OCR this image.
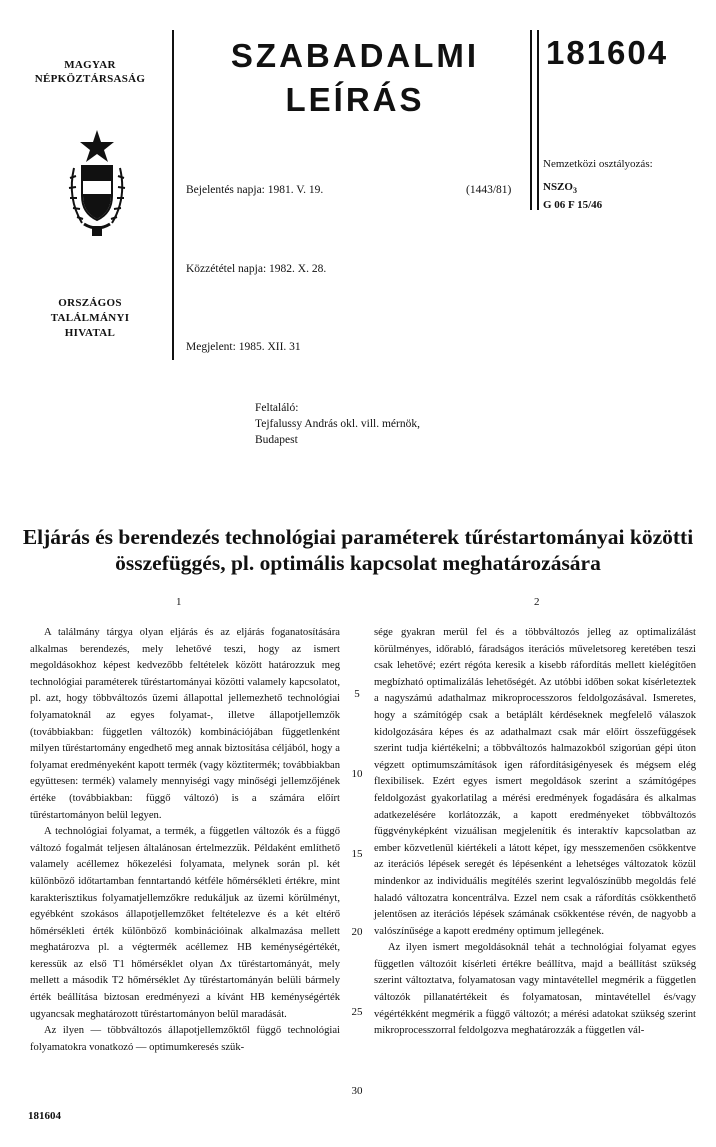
MAGYAR
NÉPKÖZTÁRSASÁG
ORSZÁGOS
TALÁLMÁNYI
HIVATAL
SZABADALMI
LEÍRÁS
181604
Bejelentés napja: 1981. V. 19.	(1443/81)
Közzététel napja: 1982. X. 28.
Megjelent: 1985. XII. 31
Nemzetközi osztályozás:
$NSZO_3$
G 06 F 15/46
Feltaláló:
Tejfalussy András okl. vill. mérnök,
Budapest
Eljárás és berendezés technológiai paraméterek tűréstartományai közötti
összefüggés, pl. optimális kapcsolat meghatározására
1	2

A találmány tárgya olyan eljárás és az eljárás foganatosítására alkalmas berendezés, mely lehetővé teszi, hogy az ismert megoldásokhoz képest kedvezőbb feltételek között határozzuk meg technológiai paraméterek tűréstartományai közötti valamely kapcsolatot, pl. azt, hogy többváltozós üzemi állapottal jellemezhető technológiai folyamatoknál az egyes folyamat-, illetve állapotjellemzők (továbbiakban: független változók) kombinációjában függetlenként milyen tűréstartomány engedhető meg annak biztosítása céljából, hogy a folyamat eredményeként kapott termék (vagy köztitermék; továbbiakban együttesen: termék) valamely mennyiségi vagy minőségi jellemzőjének értéke (továbbiakban: függő változó) is a számára előírt tűréstartományon belül legyen.

A technológiai folyamat, a termék, a független változók és a függő változó fogalmát teljesen általánosan értelmezzük. Példaként említhető valamely acéllemez hőkezelési folyamata, melynek során pl. két különböző időtartamban fenntartandó kétféle hőmérsékleti értékre, mint karakterisztikus folyamatjellemzőkre redukáljuk az üzemi körülményt, egyébként szokásos állapotjellemzőket feltételezve és a két eltérő hőmérsékleti érték különböző kombinációinak alkalmazása mellett meghatározva pl. a végtermék acéllemez HB keménységértékét, keressük az első T1 hőmérséklet olyan Δx tűréstartományát, mely mellett a második T2 hőmérséklet Δy tűréstartományán belüli bármely érték beállítása biztosan eredményezi a kívánt HB keménységérték ugyancsak meghatározott tűréstartományon belül maradását.

Az ilyen — többváltozós állapotjellemzőktől függő technológiai folyamatokra vonatkozó — optimumkeresés szük-

5
10
15
20
25
30

sége gyakran merül fel és a többváltozós jelleg az optimalizálást körülményes, időrabló, fáradságos iterációs műveletsoreg keretében teszi csak lehetővé; ezért régóta keresik a kisebb ráfordítás mellett kielégítően megbízható optimalizálás lehetőségét. Az utóbbi időben sokat kísérleteztek a nagyszámú adathalmaz mikroprocesszoros feldolgozásával. Ismeretes, hogy a számítógép csak a betáplált kérdéseknek megfelelő válaszok kidolgozására képes és az adathalmazt csak már előírt összefüggések szerint tudja kiértékelni; a többváltozós halmazokból szigorúan gépi úton végzett optimumszámítások igen ráfordításigényesek és mégsem elég flexibilisek. Ezért egyes ismert megoldások szerint a számítógépes feldolgozást gyakorlatilag a mérési eredmények fogadására és alkalmas adatkezelésére korlátozzák, a kapott eredményeket többváltozós függvényképként vizuálisan megjelenítik és interaktív kapcsolatban az ember közvetlenül kiértékeli a látott képet, így messzemenően csökkentve az iterációs lépések seregét és lépésenként a lehetséges változatok közül mindenkor az individuális megítélés szerint legvalószínűbb megoldás felé haladó változatra koncentrálva. Ezzel nem csak a ráfordítás csökkenthető jelentősen az iterációs lépések számának csökkentése révén, de nagyobb a valószínűsége a kapott eredmény optimum jellegének.

Az ilyen ismert megoldásoknál tehát a technológiai folyamat egyes független változóit kísérleti értékre beállítva, majd a beállítást szükség szerint változtatva, folyamatosan vagy mintavétellel megmérik a független változók pillanatértékeit és folyamatosan, mintavétellel és/vagy végértékként megmérik a függő változót; a mérési adatokat szükség szerint mikroprocesszorral feldolgozva meghatározzák a független vál-

181604
